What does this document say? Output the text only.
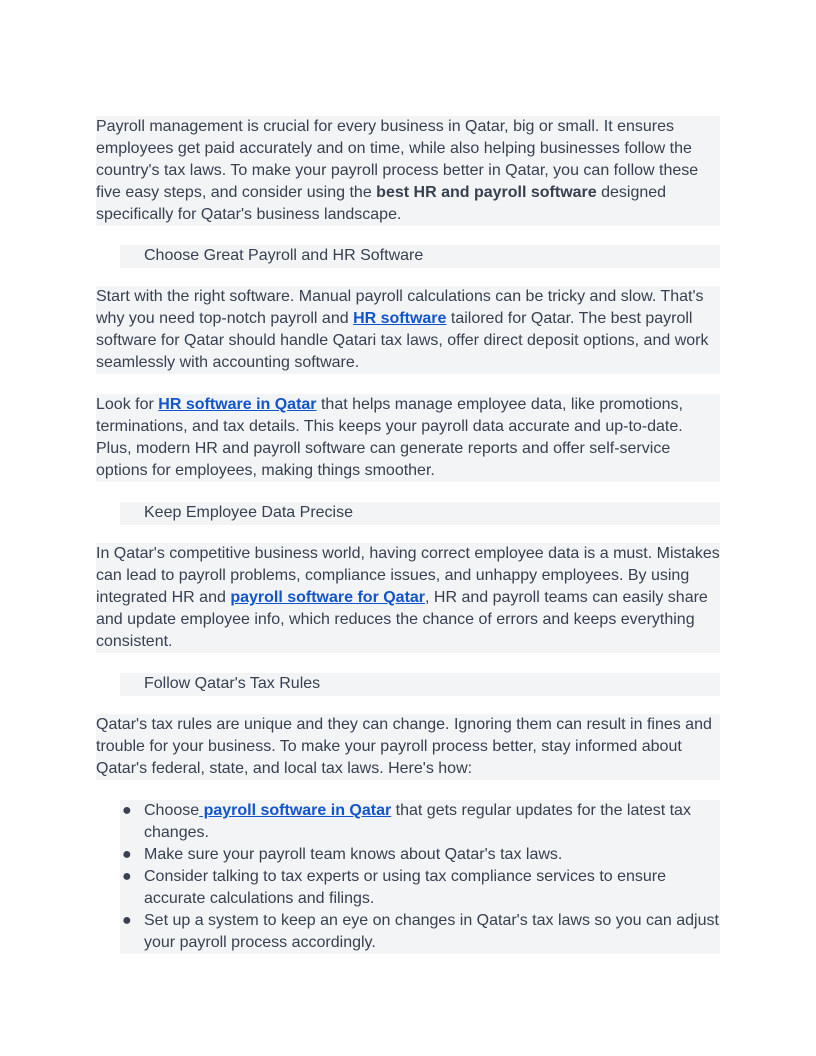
Payroll management is crucial for every business in Qatar, big or small. It ensures employees get paid accurately and on time, while also helping businesses follow the country's tax laws. To make your payroll process better in Qatar, you can follow these five easy steps, and consider using the best HR and payroll software designed specifically for Qatar's business landscape.

Choose Great Payroll and HR Software

Start with the right software. Manual payroll calculations can be tricky and slow. That's why you need top-notch payroll and HR software tailored for Qatar. The best payroll software for Qatar should handle Qatari tax laws, offer direct deposit options, and work seamlessly with accounting software.

Look for HR software in Qatar that helps manage employee data, like promotions, terminations, and tax details. This keeps your payroll data accurate and up-to-date. Plus, modern HR and payroll software can generate reports and offer self-service options for employees, making things smoother.

Keep Employee Data Precise

In Qatar's competitive business world, having correct employee data is a must. Mistakes can lead to payroll problems, compliance issues, and unhappy employees. By using integrated HR and payroll software for Qatar, HR and payroll teams can easily share and update employee info, which reduces the chance of errors and keeps everything consistent.

Follow Qatar's Tax Rules

Qatar's tax rules are unique and they can change. Ignoring them can result in fines and trouble for your business. To make your payroll process better, stay informed about Qatar's federal, state, and local tax laws. Here's how:

● Choose payroll software in Qatar that gets regular updates for the latest tax changes.
● Make sure your payroll team knows about Qatar's tax laws.
● Consider talking to tax experts or using tax compliance services to ensure accurate calculations and filings.
● Set up a system to keep an eye on changes in Qatar's tax laws so you can adjust your payroll process accordingly.
